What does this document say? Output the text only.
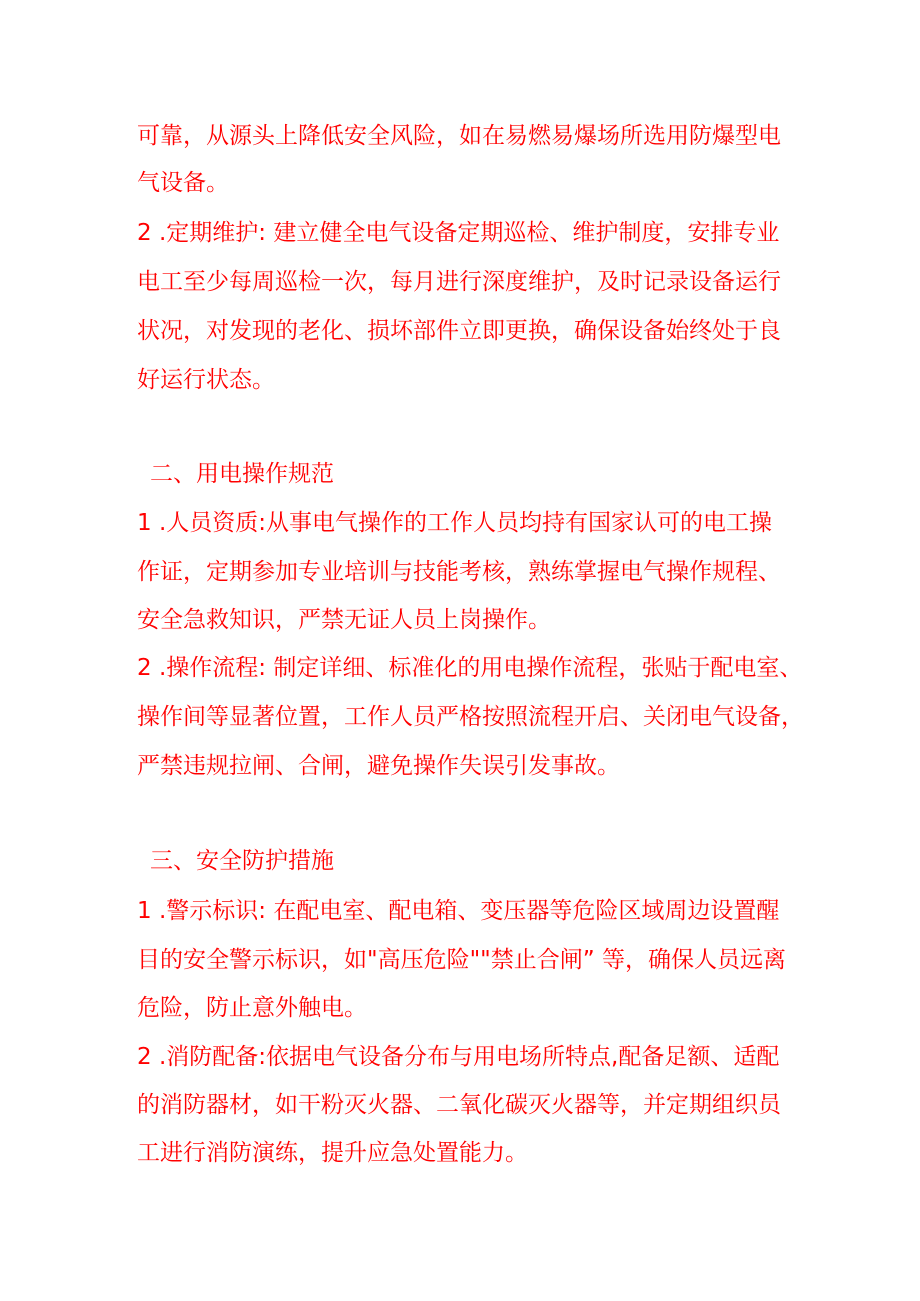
可靠，从源头上降低安全风险，如在易燃易爆场所选用防爆型电

气设备。

2 .定期维护: 建立健全电气设备定期巡检、维护制度，安排专业

电工至少每周巡检一次，每月进行深度维护，及时记录设备运行

状况，对发现的老化、损坏部件立即更换，确保设备始终处于良

好运行状态。

二、用电操作规范

1 .人员资质:从事电气操作的工作人员均持有国家认可的电工操

作证，定期参加专业培训与技能考核，熟练掌握电气操作规程、

安全急救知识，严禁无证人员上岗操作。

2 .操作流程: 制定详细、标准化的用电操作流程，张贴于配电室、

操作间等显著位置，工作人员严格按照流程开启、关闭电气设备，

严禁违规拉闸、合闸，避免操作失误引发事故。

三、安全防护措施

1 .警示标识: 在配电室、配电箱、变压器等危险区域周边设置醒

目的安全警示标识，如"高压危险""禁止合闸” 等，确保人员远离

危险，防止意外触电。

2 .消防配备:依据电气设备分布与用电场所特点,配备足额、适配

的消防器材，如干粉灭火器、二氧化碳灭火器等，并定期组织员

工进行消防演练，提升应急处置能力。
